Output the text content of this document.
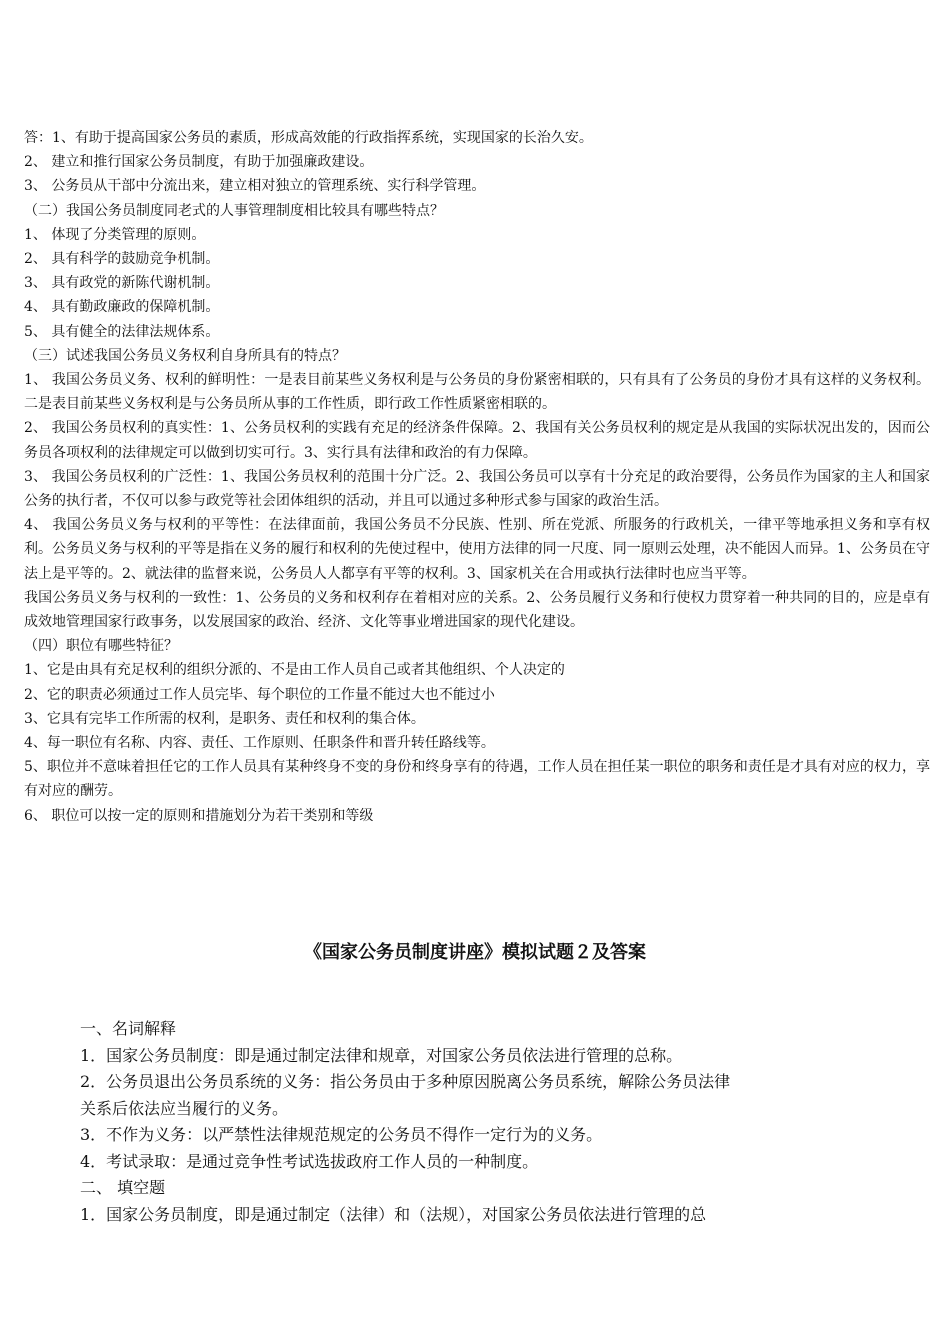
答：1、有助于提高国家公务员的素质，形成高效能的行政指挥系统，实现国家的长治久安。

2、 建立和推行国家公务员制度，有助于加强廉政建设。

3、 公务员从干部中分流出来，建立相对独立的管理系统、实行科学管理。

（二）我国公务员制度同老式的人事管理制度相比较具有哪些特点？

1、 体现了分类管理的原则。

2、 具有科学的鼓励竞争机制。

3、 具有政党的新陈代谢机制。

4、 具有勤政廉政的保障机制。

5、 具有健全的法律法规体系。

（三）试述我国公务员义务权利自身所具有的特点？

1、 我国公务员义务、权利的鲜明性：一是表目前某些义务权利是与公务员的身份紧密相联的，只有具有了公务员的身份才具有这样的义务权利。二是表目前某些义务权利是与公务员所从事的工作性质，即行政工作性质紧密相联的。

2、 我国公务员权利的真实性：1、公务员权利的实践有充足的经济条件保障。2、我国有关公务员权利的规定是从我国的实际状况出发的，因而公务员各项权利的法律规定可以做到切实可行。3、实行具有法律和政治的有力保障。

3、 我国公务员权利的广泛性：1、我国公务员权利的范围十分广泛。2、我国公务员可以享有十分充足的政治要得，公务员作为国家的主人和国家公务的执行者，不仅可以参与政党等社会团体组织的活动，并且可以通过多种形式参与国家的政治生活。

4、 我国公务员义务与权利的平等性：在法律面前，我国公务员不分民族、性别、所在党派、所服务的行政机关，一律平等地承担义务和享有权利。公务员义务与权利的平等是指在义务的履行和权利的先使过程中，使用方法律的同一尺度、同一原则云处理，决不能因人而异。1、公务员在守法上是平等的。2、就法律的监督来说，公务员人人都享有平等的权利。3、国家机关在合用或执行法律时也应当平等。

我国公务员义务与权利的一致性：1、公务员的义务和权利存在着相对应的关系。2、公务员履行义务和行使权力贯穿着一种共同的目的，应是卓有成效地管理国家行政事务，以发展国家的政治、经济、文化等事业增进国家的现代化建设。

（四）职位有哪些特征？

1、它是由具有充足权利的组织分派的、不是由工作人员自己或者其他组织、个人决定的

2、它的职责必须通过工作人员完毕、每个职位的工作量不能过大也不能过小

3、它具有完毕工作所需的权利，是职务、责任和权利的集合体。

4、每一职位有名称、内容、责任、工作原则、任职条件和晋升转任路线等。

5、职位并不意味着担任它的工作人员具有某种终身不变的身份和终身享有的待遇，工作人员在担任某一职位的职务和责任是才具有对应的权力，享有对应的酬劳。

6、 职位可以按一定的原则和措施划分为若干类别和等级

《国家公务员制度讲座》模拟试题２及答案

一、名词解释

1．国家公务员制度：即是通过制定法律和规章，对国家公务员依法进行管理的总称。

2．公务员退出公务员系统的义务：指公务员由于多种原因脱离公务员系统，解除公务员法律

关系后依法应当履行的义务。

3．不作为义务：以严禁性法律规范规定的公务员不得作一定行为的义务。

4．考试录取：是通过竞争性考试选拔政府工作人员的一种制度。

二、 填空题

1．国家公务员制度，即是通过制定（法律）和（法规），对国家公务员依法进行管理的总
